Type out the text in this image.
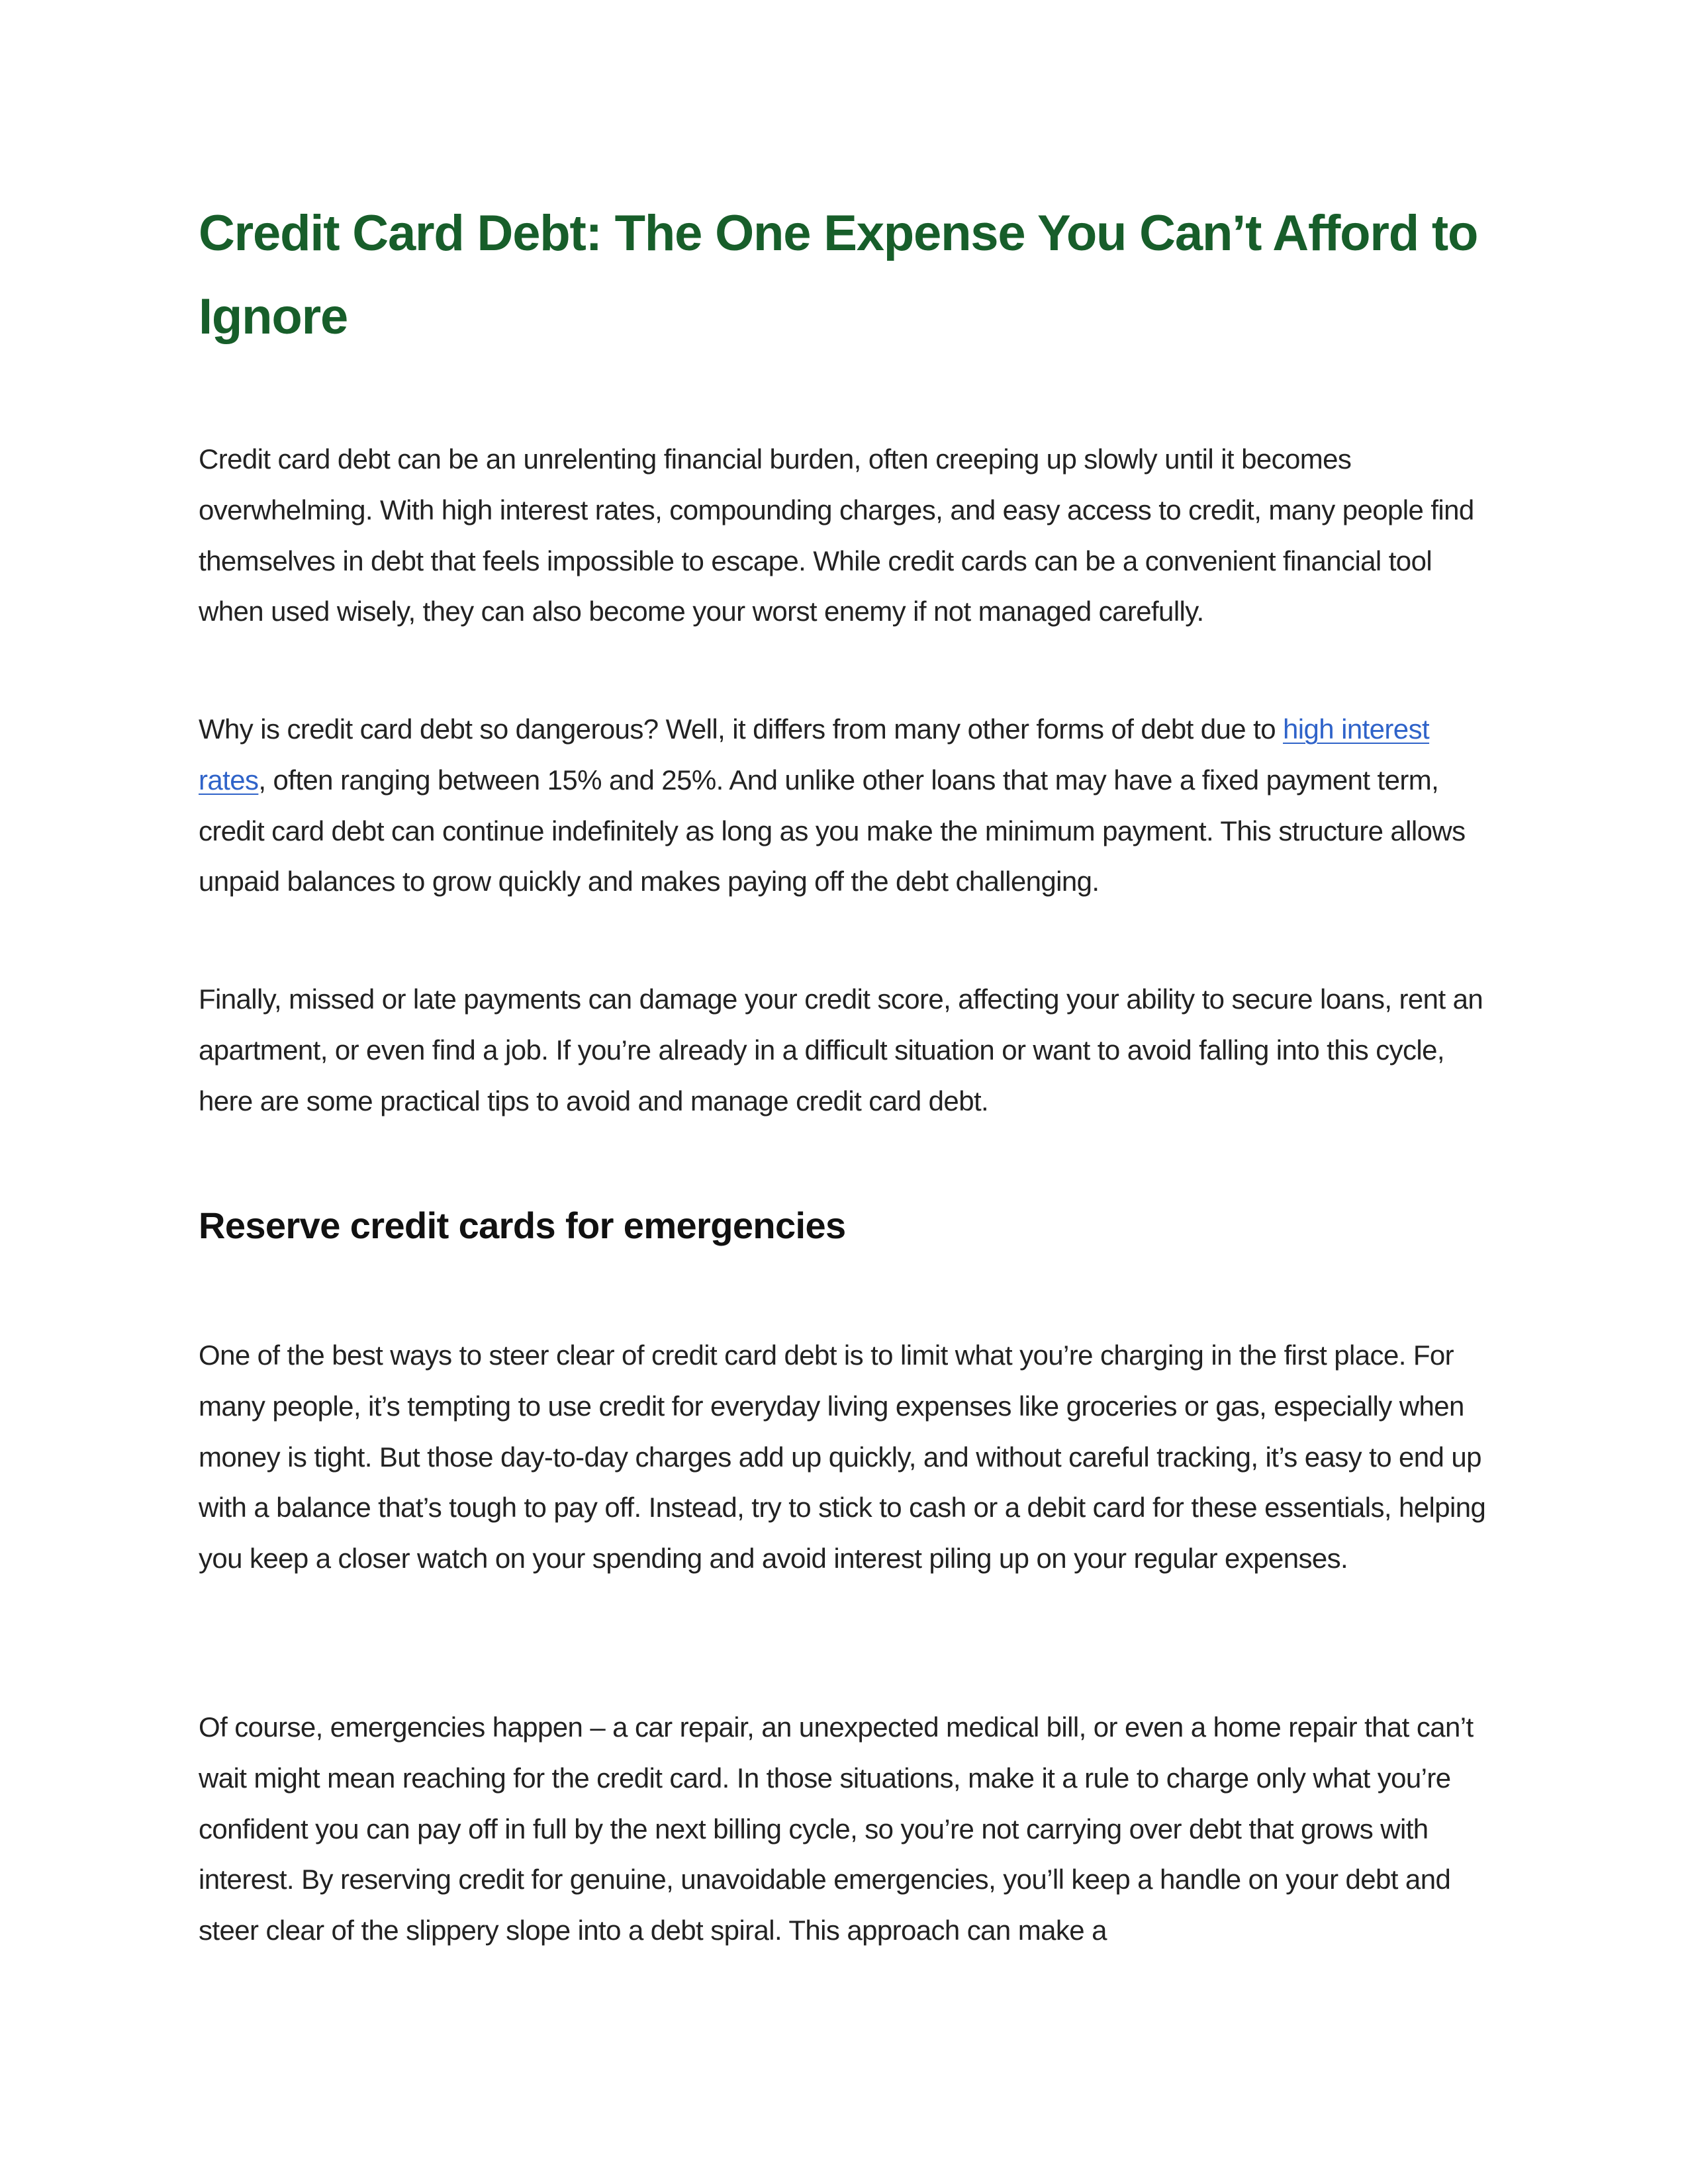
Credit Card Debt: The One Expense You Can’t Afford to Ignore

Credit card debt can be an unrelenting financial burden, often creeping up slowly until it becomes overwhelming. With high interest rates, compounding charges, and easy access to credit, many people find themselves in debt that feels impossible to escape. While credit cards can be a convenient financial tool when used wisely, they can also become your worst enemy if not managed carefully.

Why is credit card debt so dangerous? Well, it differs from many other forms of debt due to high interest rates, often ranging between 15% and 25%. And unlike other loans that may have a fixed payment term, credit card debt can continue indefinitely as long as you make the minimum payment. This structure allows unpaid balances to grow quickly and makes paying off the debt challenging.

Finally, missed or late payments can damage your credit score, affecting your ability to secure loans, rent an apartment, or even find a job. If you’re already in a difficult situation or want to avoid falling into this cycle, here are some practical tips to avoid and manage credit card debt.

Reserve credit cards for emergencies

One of the best ways to steer clear of credit card debt is to limit what you’re charging in the first place. For many people, it’s tempting to use credit for everyday living expenses like groceries or gas, especially when money is tight. But those day-to-day charges add up quickly, and without careful tracking, it’s easy to end up with a balance that’s tough to pay off. Instead, try to stick to cash or a debit card for these essentials, helping you keep a closer watch on your spending and avoid interest piling up on your regular expenses.

Of course, emergencies happen – a car repair, an unexpected medical bill, or even a home repair that can’t wait might mean reaching for the credit card. In those situations, make it a rule to charge only what you’re confident you can pay off in full by the next billing cycle, so you’re not carrying over debt that grows with interest. By reserving credit for genuine, unavoidable emergencies, you’ll keep a handle on your debt and steer clear of the slippery slope into a debt spiral. This approach can make a
